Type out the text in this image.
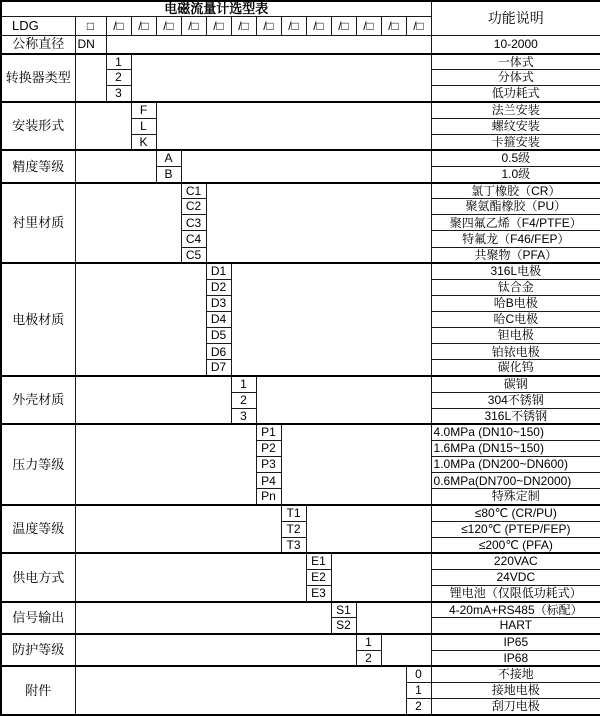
电磁流量计选型表															功能说明
LDG	□	/□	/□	/□	/□	/□	/□	/□	/□	/□	/□	/□	/□	/□	
公称直径	DN														10-2000
转换器类型		1													一体式
		2													分体式
		3													低功耗式
安装形式			F												法兰安装
			L												螺纹安装
			K												卡箍安装
精度等级				A											0.5级
				B											1.0级
衬里材质					C1										氯丁橡胶（CR）
					C2										聚氨酯橡胶（PU）
					C3										聚四氟乙烯（F4/PTFE）
					C4										特氟龙（F46/FEP）
					C5										共聚物（PFA）
电极材质						D1									316L电极
						D2									钛合金
						D3									哈B电极
						D4									哈C电极
						D5									钽电极
						D6									铂铱电极
						D7									碳化钨
外壳材质							1								碳钢
							2								304不锈钢
							3								316L不锈钢
压力等级								P1							4.0MPa (DN10~150)
								P2							1.6MPa (DN15~150)
								P3							1.0MPa (DN200~DN600)
								P4							0.6MPa(DN700~DN2000)
								Pn							特殊定制
温度等级									T1						≤80℃ (CR/PU)
									T2						≤120℃ (PTEP/FEP)
									T3						≤200℃ (PFA)
供电方式										E1					220VAC
										E2					24VDC
										E3					锂电池（仅限低功耗式）
信号输出											S1				4-20mA+RS485（标配）
											S2				HART
防护等级												1			IP65
												2			IP68
附件														0	不接地
														1	接地电极
														2	刮刀电极
